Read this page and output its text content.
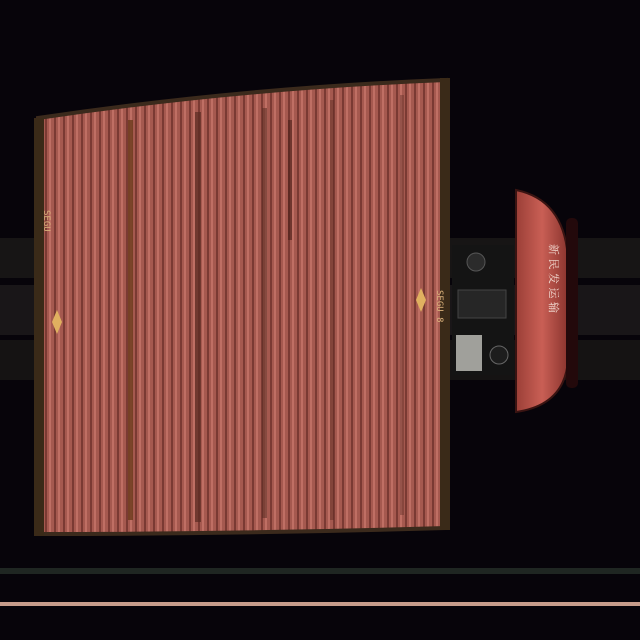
SEGU
SEGU 8	新 民 发 运 输
